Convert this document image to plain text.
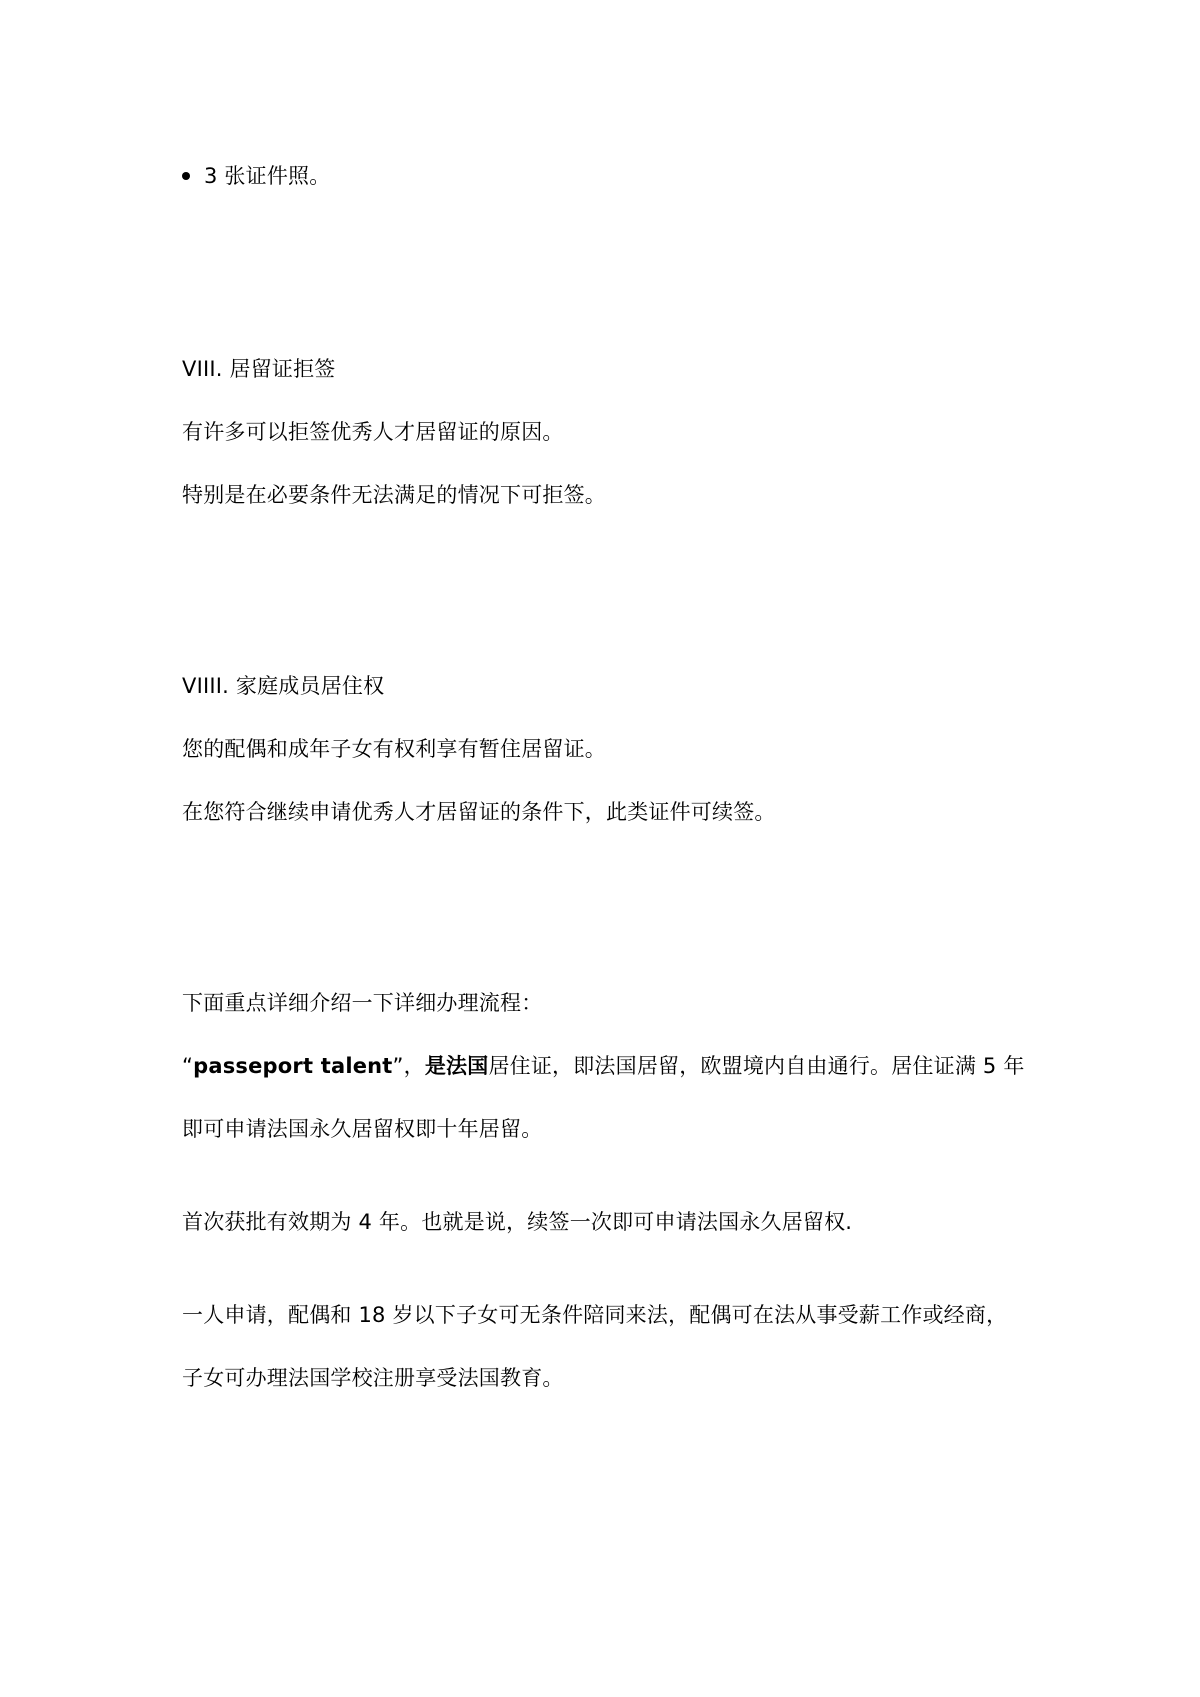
3 张证件照。
VIII. 居留证拒签
有许多可以拒签优秀人才居留证的原因。
特别是在必要条件无法满足的情况下可拒签。
VIIII. 家庭成员居住权
您的配偶和成年子女有权利享有暂住居留证。
在您符合继续申请优秀人才居留证的条件下，此类证件可续签。
下面重点详细介绍一下详细办理流程：
“passeport talent”，是法国居住证，即法国居留，欧盟境内自由通行。居住证满 5 年
即可申请法国永久居留权即十年居留。
首次获批有效期为 4 年。也就是说，续签一次即可申请法国永久居留权.
一人申请，配偶和 18 岁以下子女可无条件陪同来法，配偶可在法从事受薪工作或经商，
子女可办理法国学校注册享受法国教育。
